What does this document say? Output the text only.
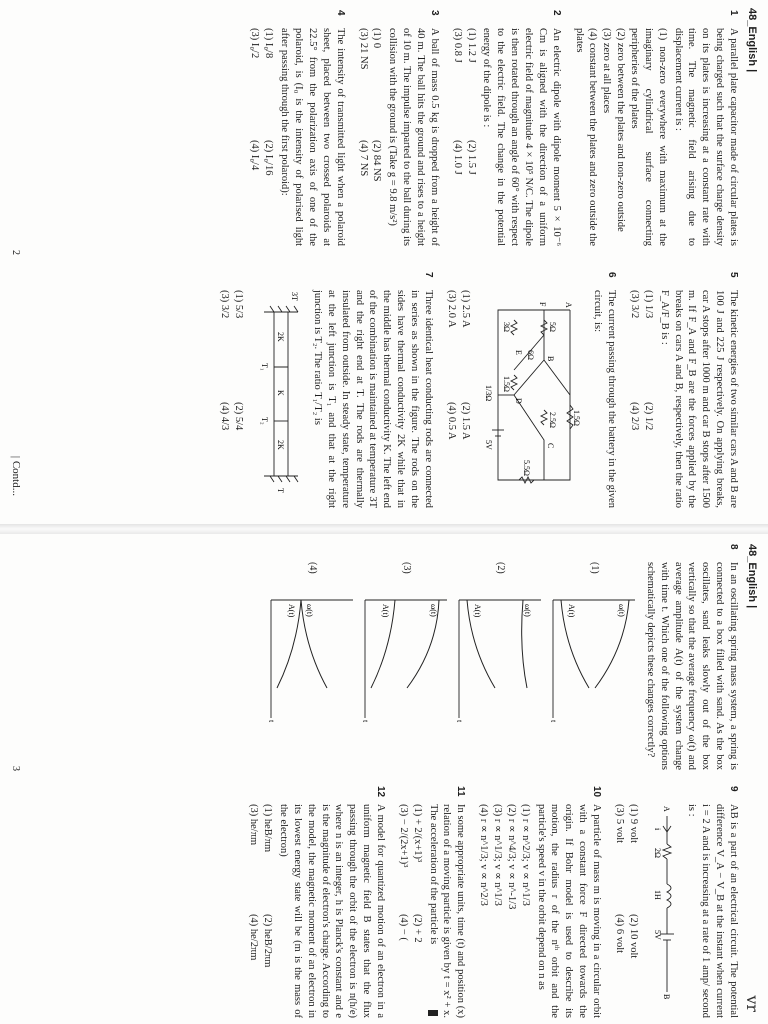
48_English |
1
A parallel plate capacitor made of circular plates is being charged such that the surface charge density on its plates is increasing at a constant rate with time. The magnetic field arising due to displacement current is :
(1) non-zero everywhere with maximum at the imaginary cylindrical surface connecting peripheries of the plates
(2) zero between the plates and non-zero outside
(3) zero at all places
(4) constant between the plates and zero outside the plates
2
An electric dipole with dipole moment 5 × 10⁻⁶ Cm is aligned with the direction of a uniform electric field of magnitude 4 × 10⁵ N/C. The dipole is then rotated through an angle of 60° with respect to the electric field. The change in the potential energy of the dipole is :
(1) 1.2 J
(2) 1.5 J
(3) 0.8 J
(4) 1.0 J
3
A ball of mass 0.5 kg is dropped from a height of 40 m. The ball hits the ground and rises to a height of 10 m. The impulse imparted to the ball during its collision with the ground is (Take g = 9.8 m/s²)
(1) 0
(2) 84 NS
(3) 21 NS
(4) 7 NS
4
The intensity of transmitted light when a polaroid sheet, placed between two crossed polaroids at 22.5° from the polarization axis of one of the polaroid, is (I₀ is the intensity of polarised light after passing through the first polaroid):
(1) I₀/8
(2) I₀/16
(3) I₀/2
(4) I₀/4
5
The kinetic energies of two similar cars A and B are 100 J and 225 J respectively. On applying breaks, car A stops after 1000 m and car B stops after 1500 m. If F_A and F_B are the forces applied by the breaks on cars A and B, respectively, then the ratio F_A/F_B is :
(1) 1/3
(2) 1/2
(3) 3/2
(4) 2/3
6
The current passing through the battery in the given circuit, is:
F A
B
C
D
E
5Ω
1.5Ω
2.5Ω
6Ω
3Ω
1.5Ω
1/3Ω
5.5Ω
5V
(1) 2.5 A
(2) 1.5 A
(3) 2.0 A
(4) 0.5 A
7
Three identical heat conducting rods are connected in series as shown in the figure. The rods on the sides have thermal conductivity 2K while that in the middle has thermal conductivity K. The left end of the combination is maintained at temperature 3T and the right end at T. The rods are thermally insulated from outside. In steady state, temperature at the left junction is T₁ and that at the right junction is T₂. The ratio T₁/T₂ is
3T
T
2K
K
2K
T₁
T₂
(1) 5/3
(2) 5/4
(3) 3/2
(4) 4/3
2
| Contd...
48_English |
vr
8
In an oscillating spring mass system, a spring is connected to a box filled with sand. As the box oscillates, sand leaks slowly out of the box vertically so that the average frequency ω(t) and average amplitude A(t) of the system change with time t. Which one of the following options schematically depicts these changes correctly?
(1)
ω(t)
A(t)
t
(2)
ω(t)
A(t)
t
(3)
ω(t)
A(t)
t
(4)
ω(t)
A(t)
t
9
AB is a part of an electrical circuit. The potential difference V_A − V_B at the instant when current i = 2 A and is increasing at a rate of 1 amp/ second is :
A
B
i
2Ω
1H
5V
(1) 9 volt
(2) 10 volt
(3) 5 volt
(4) 6 volt
10
A particle of mass m is moving in a circular orbit with a constant force F directed towards the origin. If Bohr model is used to describe its motion, the radius r of the nᵗʰ orbit and the particle's speed v in the orbit depend on n as
(1) r ∝ n^2/3; v ∝ n^1/3
(2) r ∝ n^4/3; v ∝ n^-1/3
(3) r ∝ n^1/3; v ∝ n^1/3
(4) r ∝ n^1/3; v ∝ n^2/3
11
In some appropriate units, time (t) and position (x) relation of a moving particle is given by t = x² + x. The acceleration of the particle is
(1) + 2/(x+1)³
(2) + 2
(3) − 2/(2x+1)³
(4) − (
12
A model for quantized motion of an electron in a uniform magnetic field B states that the flux passing through the orbit of the electron is n(h/e) where n is an integer, h is Planck's constant and e is the magnitude of electron's charge. According to the model, the magnetic moment of an electron in its lowest energy state will be (m is the mass of the electron)
(1) heB/πm
(2) heB/2πm
(3) he/πm
(4) he/2πm
3
